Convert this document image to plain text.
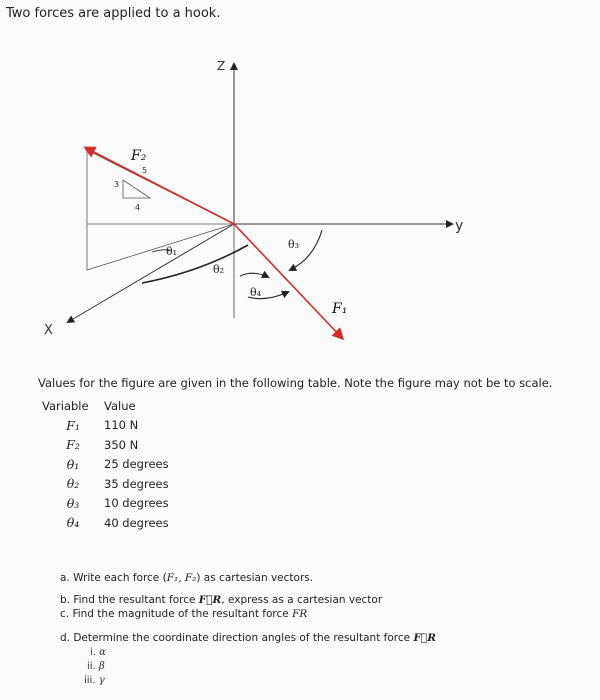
Two forces are applied to a hook.
Z
y
X
F₂
F₁
3
4
5
θ₁
θ₂
θ₃
θ₄
Values for the figure are given in the following table. Note the figure may not be to scale.
Variable	Value
F₁	110 N
F₂	350 N
θ₁	25 degrees
θ₂	35 degrees
θ₃	10 degrees
θ₄	40 degrees
a. Write each force (F₁, F₂) as cartesian vectors.
b. Find the resultant force F⃗R, express as a cartesian vector
c. Find the magnitude of the resultant force FR
d. Determine the coordinate direction angles of the resultant force F⃗R
i. α
ii. β
iii. γ
